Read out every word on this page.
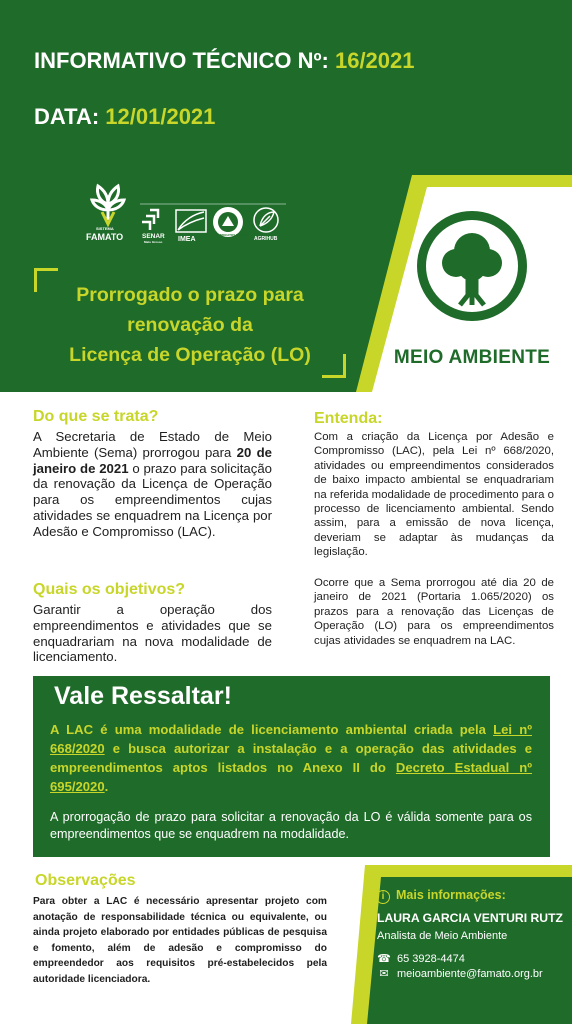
INFORMATIVO TÉCNICO Nº: 16/2021
DATA: 12/01/2021
SISTEMA
FAMATO	SENAR
Mato Grosso IMEA
SINDICATOS RURAIS
AGRIHUB
Prorrogado o prazo para
renovação da
Licença de Operação (LO)	MEIO AMBIENTE
Do que se trata?
A Secretaria de Estado de Meio Ambiente (Sema) prorrogou para 20 de janeiro de 2021 o prazo para solicitação da renovação da Licença de Operação para os empreendimentos cujas atividades se enquadrem na Licença por Adesão e Compromisso (LAC).
Quais os objetivos?
Garantir a operação dos empreendimentos e atividades que se enquadrariam na nova modalidade de licenciamento.
Entenda:
Com a criação da Licença por Adesão e Compromisso (LAC), pela Lei nº 668/2020, atividades ou empreendimentos considerados de baixo impacto ambiental se enquadrariam na referida modalidade de procedimento para o processo de licenciamento ambiental. Sendo assim, para a emissão de nova licença, deveriam se adaptar às mudanças da legislação.
Ocorre que a Sema prorrogou até dia 20 de janeiro de 2021 (Portaria 1.065/2020) os prazos para a renovação das Licenças de Operação (LO) para os empreendimentos cujas atividades se enquadrem na LAC.
Vale Ressaltar!
A LAC é uma modalidade de licenciamento ambiental criada pela Lei nº 668/2020 e busca autorizar a instalação e a operação das atividades e empreendimentos aptos listados no Anexo II do Decreto Estadual nº 695/2020.
A prorrogação de prazo para solicitar a renovação da LO é válida somente para os empreendimentos que se enquadrem na modalidade.
Observações
Para obter a LAC é necessário apresentar projeto com anotação de responsabilidade técnica ou equivalente, ou ainda projeto elaborado por entidades públicas de pesquisa e fomento, além de adesão e compromisso do empreendedor aos requisitos pré-estabelecidos pela autoridade licenciadora.
i Mais informações:
LAURA GARCIA VENTURI RUTZ
Analista de Meio Ambiente
☎ 65 3928-4474
✉ meioambiente@famato.org.br
